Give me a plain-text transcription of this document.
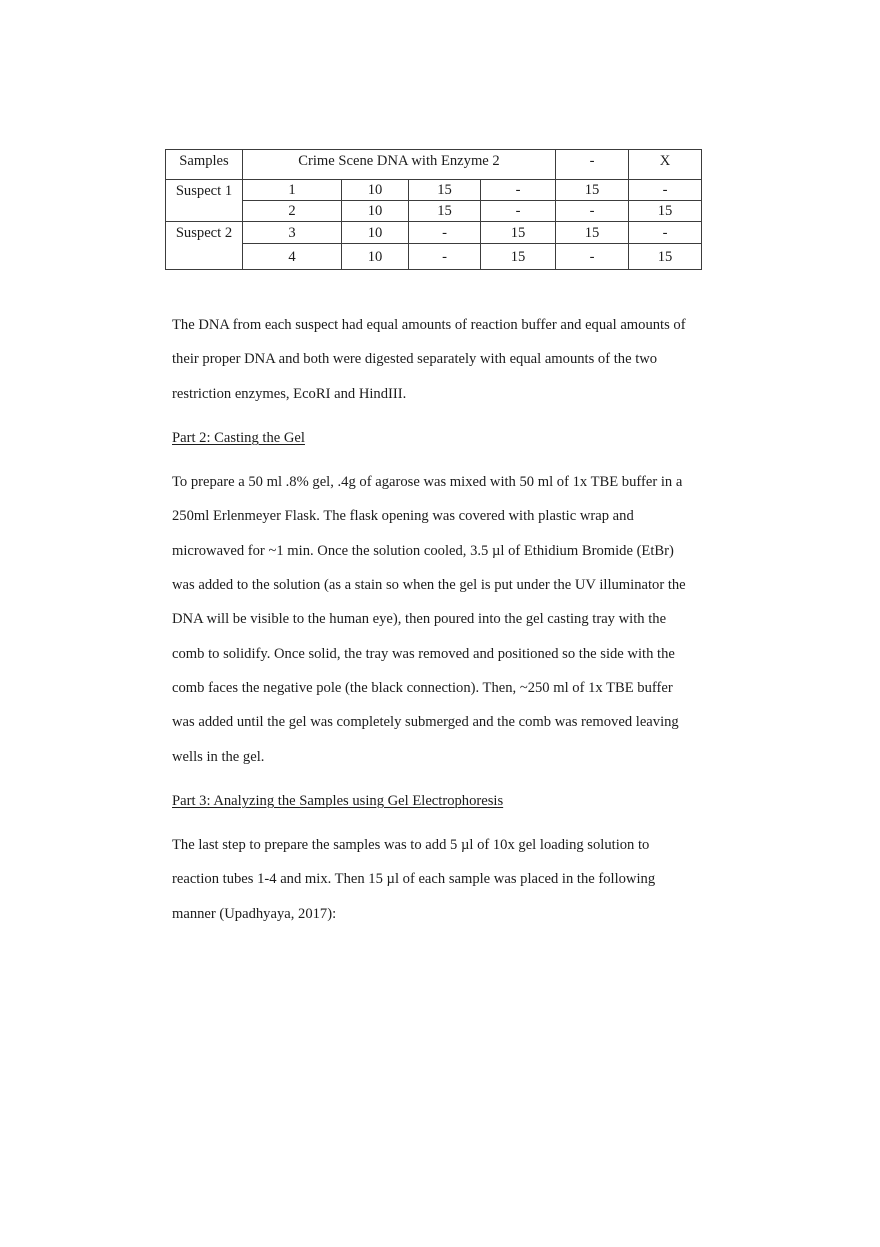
Samples	Crime Scene DNA with Enzyme 2				-	X
Suspect 1	1	10	15	-	15	-
	2	10	15	-	-	15
Suspect 2	3	10	-	15	15	-
	4	10	-	15	-	15
The DNA from each suspect had equal amounts of reaction buffer and equal amounts of
their proper DNA and both were digested separately with equal amounts of the two
restriction enzymes, EcoRI and HindIII.
Part 2: Casting the Gel
To prepare a 50 ml .8% gel, .4g of agarose was mixed with 50 ml of 1x TBE buffer in a
250ml Erlenmeyer Flask. The flask opening was covered with plastic wrap and
microwaved for ~1 min. Once the solution cooled, 3.5 µl of Ethidium Bromide (EtBr)
was added to the solution (as a stain so when the gel is put under the UV illuminator the
DNA will be visible to the human eye), then poured into the gel casting tray with the
comb to solidify. Once solid, the tray was removed and positioned so the side with the
comb faces the negative pole (the black connection). Then, ~250 ml of 1x TBE buffer
was added until the gel was completely submerged and the comb was removed leaving
wells in the gel.
Part 3: Analyzing the Samples using Gel Electrophoresis
The last step to prepare the samples was to add 5 µl of 10x gel loading solution to
reaction tubes 1-4 and mix. Then 15 µl of each sample was placed in the following
manner (Upadhyaya, 2017):
